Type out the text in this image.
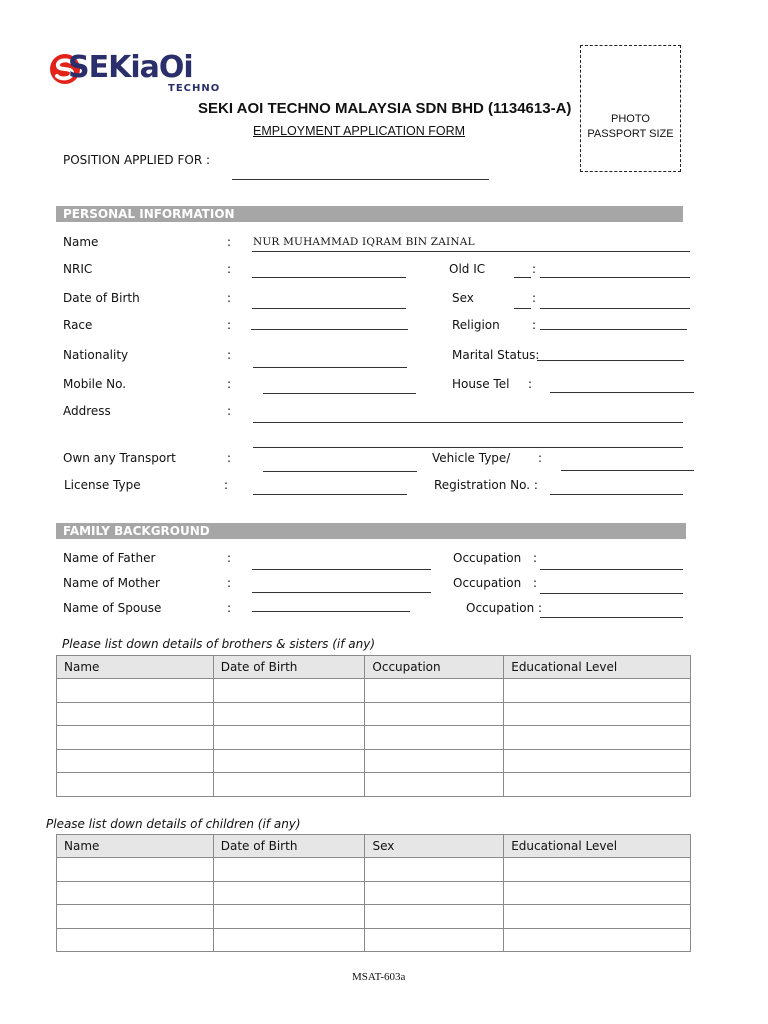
SEKiaOi
TECHNO
SEKI AOI TECHNO MALAYSIA SDN BHD (1134613-A)
EMPLOYMENT APPLICATION FORM
PHOTO
PASSPORT SIZE
POSITION APPLIED FOR :
PERSONAL INFORMATION
Name	: NUR MUHAMMAD IQRAM BIN ZAINAL
NRIC	:	Old IC	:
Date of Birth	:	Sex	:
Race	:	Religion	:
Nationality	:	Marital Status:
Mobile No.	:	House Tel :
Address	:
Own any Transport	:	Vehicle Type/ :
License Type	:	Registration No. :
FAMILY BACKGROUND
Name of Father	:	Occupation :
Name of Mother	:	Occupation :
Name of Spouse	:	Occupation :
Please list down details of brothers & sisters (if any)
Name	Date of Birth	Occupation	Educational Level

Please list down details of children (if any)
Name	Date of Birth	Sex	Educational Level

MSAT-603a
